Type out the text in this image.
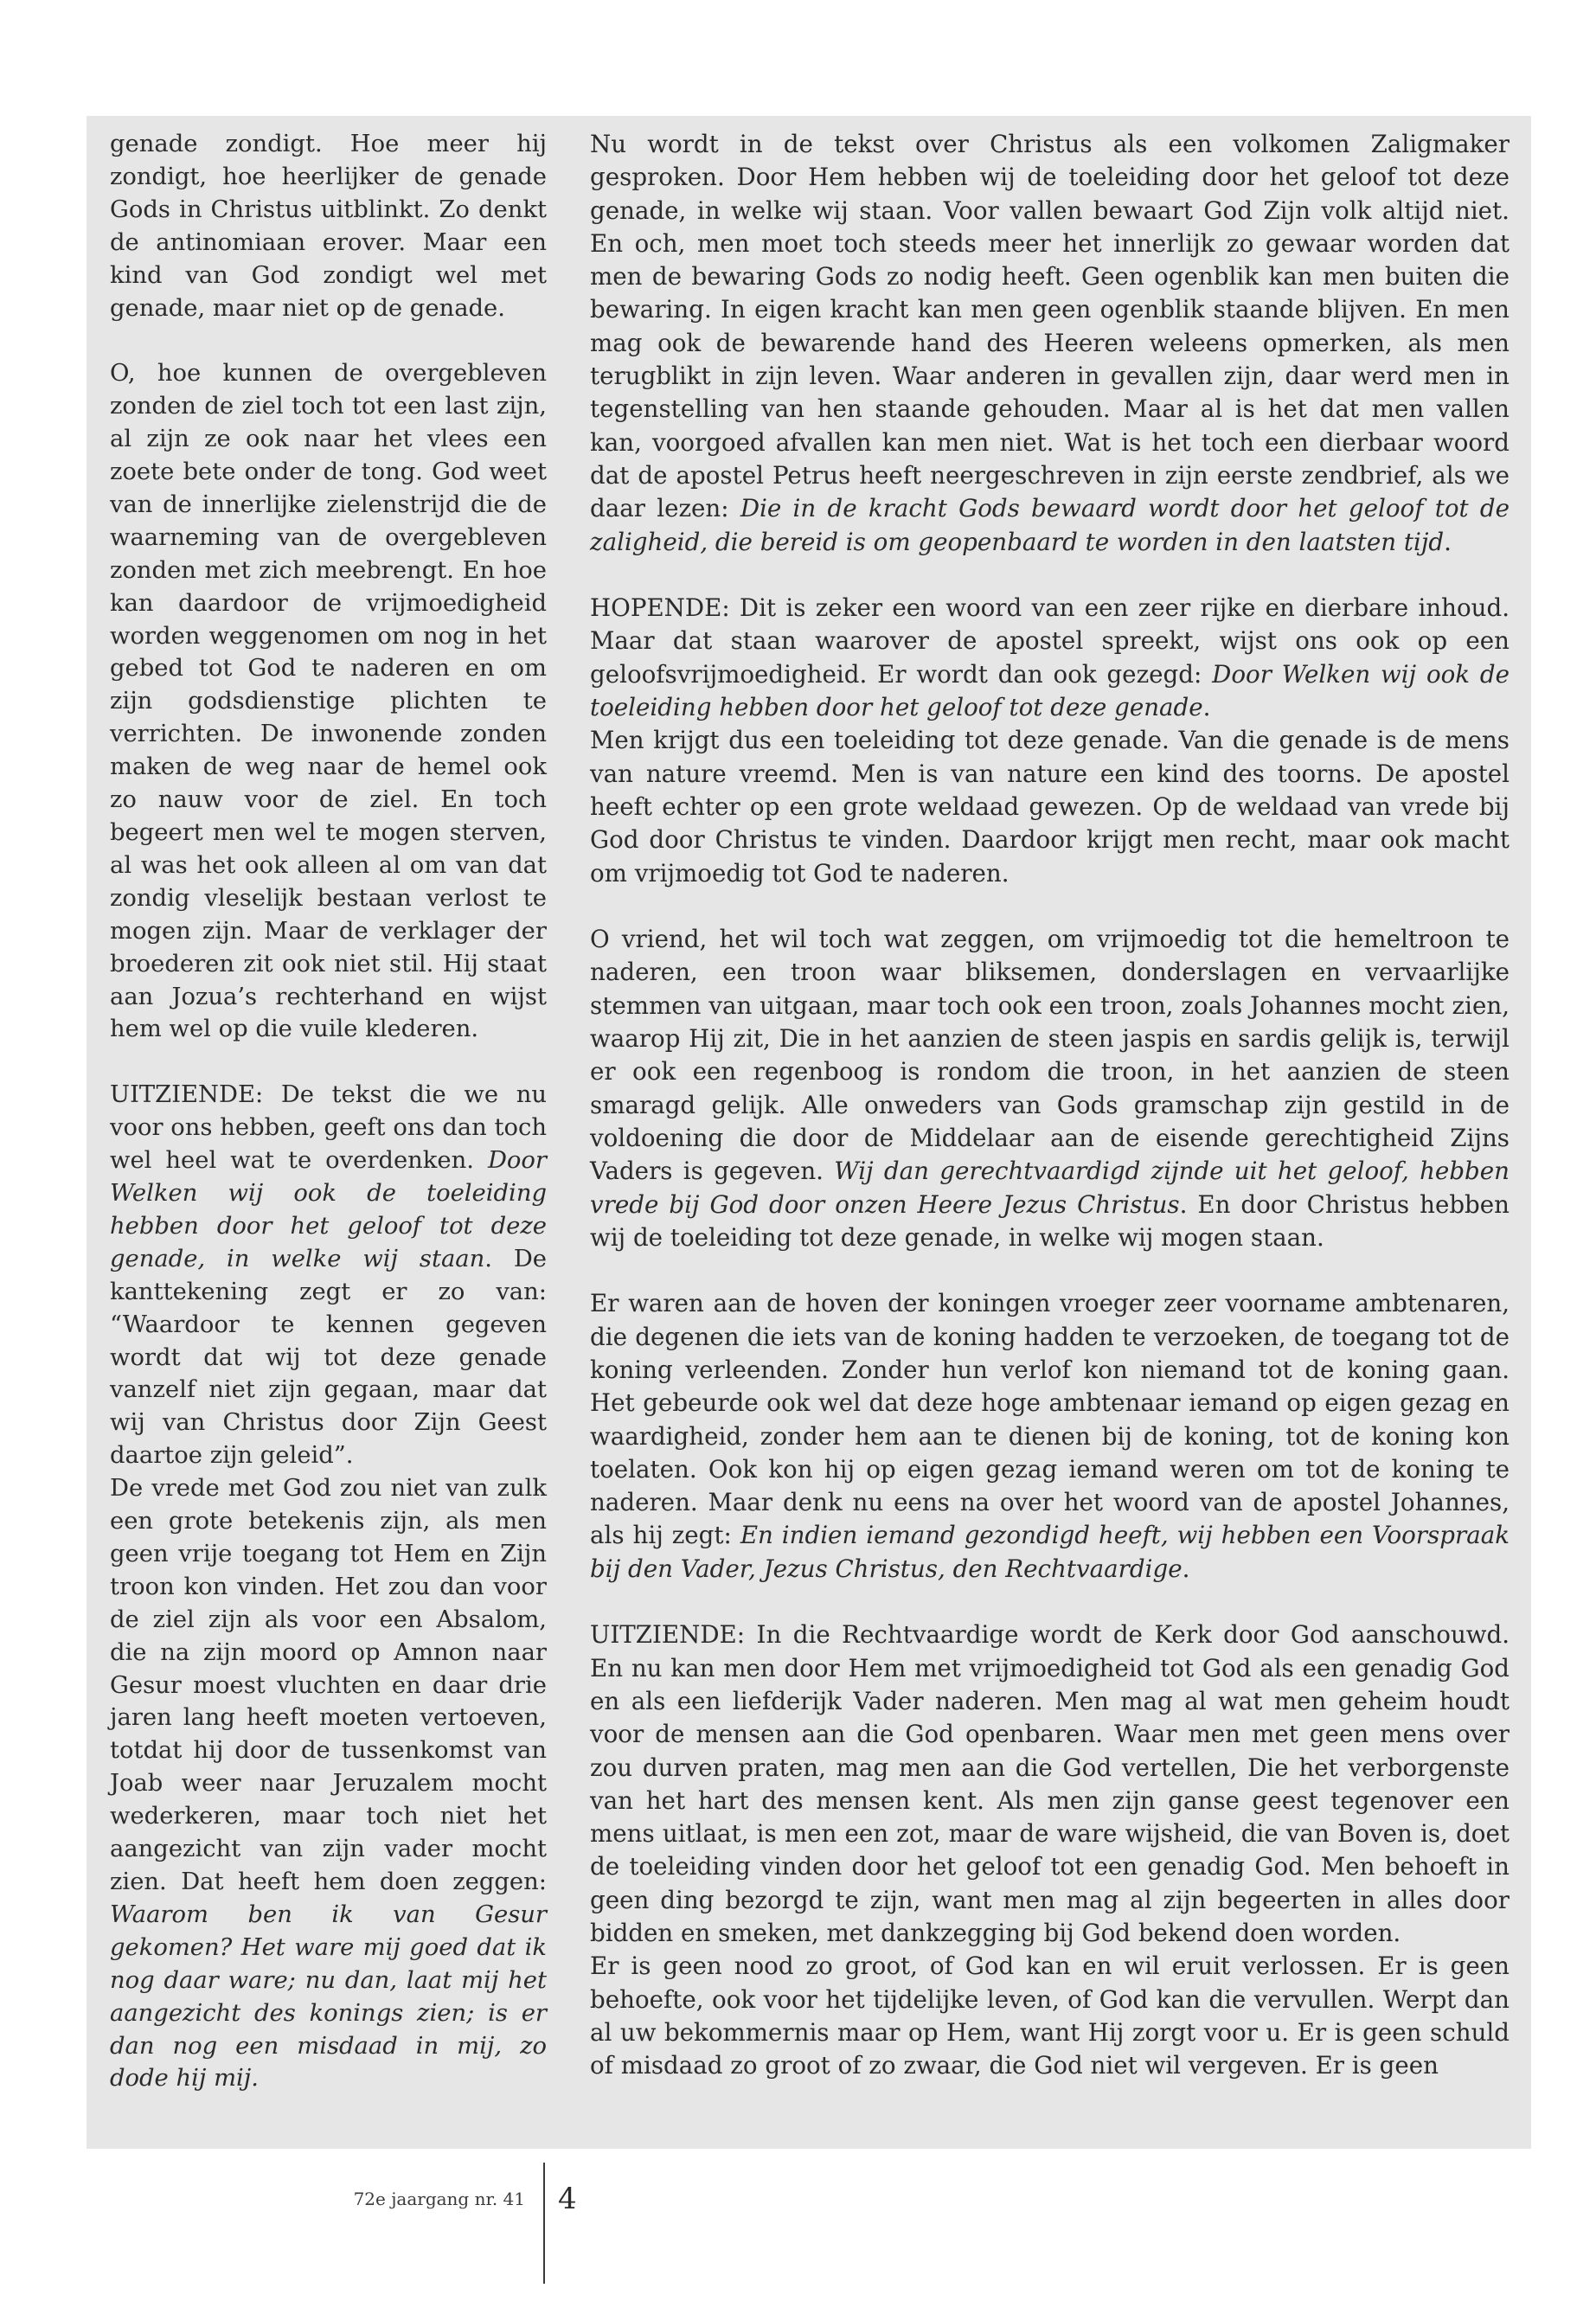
genade zondigt. Hoe meer hij zondigt, hoe heerlijker de genade Gods in Christus uitblinkt. Zo denkt de antinomiaan erover. Maar een kind van God zondigt wel met genade, maar niet op de genade.

O, hoe kunnen de overgebleven zonden de ziel toch tot een last zijn, al zijn ze ook naar het vlees een zoete bete onder de tong. God weet van de innerlijke zielenstrijd die de waarneming van de overgebleven zonden met zich meebrengt. En hoe kan daardoor de vrijmoedigheid worden weggenomen om nog in het gebed tot God te naderen en om zijn godsdienstige plichten te verrichten. De inwonende zonden maken de weg naar de hemel ook zo nauw voor de ziel. En toch begeert men wel te mogen sterven, al was het ook alleen al om van dat zondig vleselijk bestaan verlost te mogen zijn. Maar de verklager der broederen zit ook niet stil. Hij staat aan Jozua’s rechterhand en wijst hem wel op die vuile klederen.

UITZIENDE: De tekst die we nu voor ons hebben, geeft ons dan toch wel heel wat te overdenken. Door Welken wij ook de toeleiding hebben door het geloof tot deze genade, in welke wij staan. De kanttekening zegt er zo van: “Waardoor te kennen gegeven wordt dat wij tot deze genade vanzelf niet zijn gegaan, maar dat wij van Christus door Zijn Geest daartoe zijn geleid”.

De vrede met God zou niet van zulk een grote betekenis zijn, als men geen vrije toegang tot Hem en Zijn troon kon vinden. Het zou dan voor de ziel zijn als voor een Absalom, die na zijn moord op Amnon naar Gesur moest vluchten en daar drie jaren lang heeft moeten vertoeven, totdat hij door de tussenkomst van Joab weer naar Jeruzalem mocht wederkeren, maar toch niet het aangezicht van zijn vader mocht zien. Dat heeft hem doen zeggen: Waarom ben ik van Gesur gekomen? Het ware mij goed dat ik nog daar ware; nu dan, laat mij het aangezicht des konings zien; is er dan nog een misdaad in mij, zo dode hij mij.

Nu wordt in de tekst over Christus als een volkomen Zaligmaker gesproken. Door Hem hebben wij de toeleiding door het geloof tot deze genade, in welke wij staan. Voor vallen bewaart God Zijn volk altijd niet. En och, men moet toch steeds meer het innerlijk zo gewaar worden dat men de bewaring Gods zo nodig heeft. Geen ogenblik kan men buiten die bewaring. In eigen kracht kan men geen ogenblik staande blijven. En men mag ook de bewarende hand des Heeren weleens opmerken, als men terugblikt in zijn leven. Waar anderen in gevallen zijn, daar werd men in tegenstelling van hen staande gehouden. Maar al is het dat men vallen kan, voorgoed afvallen kan men niet. Wat is het toch een dierbaar woord dat de apostel Petrus heeft neergeschreven in zijn eerste zendbrief, als we daar lezen: Die in de kracht Gods bewaard wordt door het geloof tot de zaligheid, die bereid is om geopenbaard te worden in den laatsten tijd.

HOPENDE: Dit is zeker een woord van een zeer rijke en dierbare inhoud. Maar dat staan waarover de apostel spreekt, wijst ons ook op een geloofsvrijmoedigheid. Er wordt dan ook gezegd: Door Welken wij ook de toeleiding hebben door het geloof tot deze genade.

Men krijgt dus een toeleiding tot deze genade. Van die genade is de mens van nature vreemd. Men is van nature een kind des toorns. De apostel heeft echter op een grote weldaad gewezen. Op de weldaad van vrede bij God door Christus te vinden. Daardoor krijgt men recht, maar ook macht om vrijmoedig tot God te naderen.

O vriend, het wil toch wat zeggen, om vrijmoedig tot die hemeltroon te naderen, een troon waar bliksemen, donderslagen en vervaarlijke stemmen van uitgaan, maar toch ook een troon, zoals Johannes mocht zien, waarop Hij zit, Die in het aanzien de steen jaspis en sardis gelijk is, terwijl er ook een regenboog is rondom die troon, in het aanzien de steen smaragd gelijk. Alle onweders van Gods gramschap zijn gestild in de voldoening die door de Middelaar aan de eisende gerechtigheid Zijns Vaders is gegeven. Wij dan gerechtvaardigd zijnde uit het geloof, hebben vrede bij God door onzen Heere Jezus Christus. En door Christus hebben wij de toeleiding tot deze genade, in welke wij mogen staan.

Er waren aan de hoven der koningen vroeger zeer voorname ambtenaren, die degenen die iets van de koning hadden te verzoeken, de toegang tot de koning verleenden. Zonder hun verlof kon niemand tot de koning gaan. Het gebeurde ook wel dat deze hoge ambtenaar iemand op eigen gezag en waardigheid, zonder hem aan te dienen bij de koning, tot de koning kon toelaten. Ook kon hij op eigen gezag iemand weren om tot de koning te naderen. Maar denk nu eens na over het woord van de apostel Johannes, als hij zegt: En indien iemand gezondigd heeft, wij hebben een Voorspraak bij den Vader, Jezus Christus, den Rechtvaardige.

UITZIENDE: In die Rechtvaardige wordt de Kerk door God aanschouwd. En nu kan men door Hem met vrijmoedigheid tot God als een genadig God en als een liefderijk Vader naderen. Men mag al wat men geheim houdt voor de mensen aan die God openbaren. Waar men met geen mens over zou durven praten, mag men aan die God vertellen, Die het verborgenste van het hart des mensen kent. Als men zijn ganse geest tegenover een mens uitlaat, is men een zot, maar de ware wijsheid, die van Boven is, doet de toeleiding vinden door het geloof tot een genadig God. Men behoeft in geen ding bezorgd te zijn, want men mag al zijn begeerten in alles door bidden en smeken, met dankzegging bij God bekend doen worden.

Er is geen nood zo groot, of God kan en wil eruit verlossen. Er is geen behoefte, ook voor het tijdelijke leven, of God kan die vervullen. Werpt dan al uw bekommernis maar op Hem, want Hij zorgt voor u. Er is geen schuld of misdaad zo groot of zo zwaar, die God niet wil vergeven. Er is geen

72e jaargang nr. 41 4
